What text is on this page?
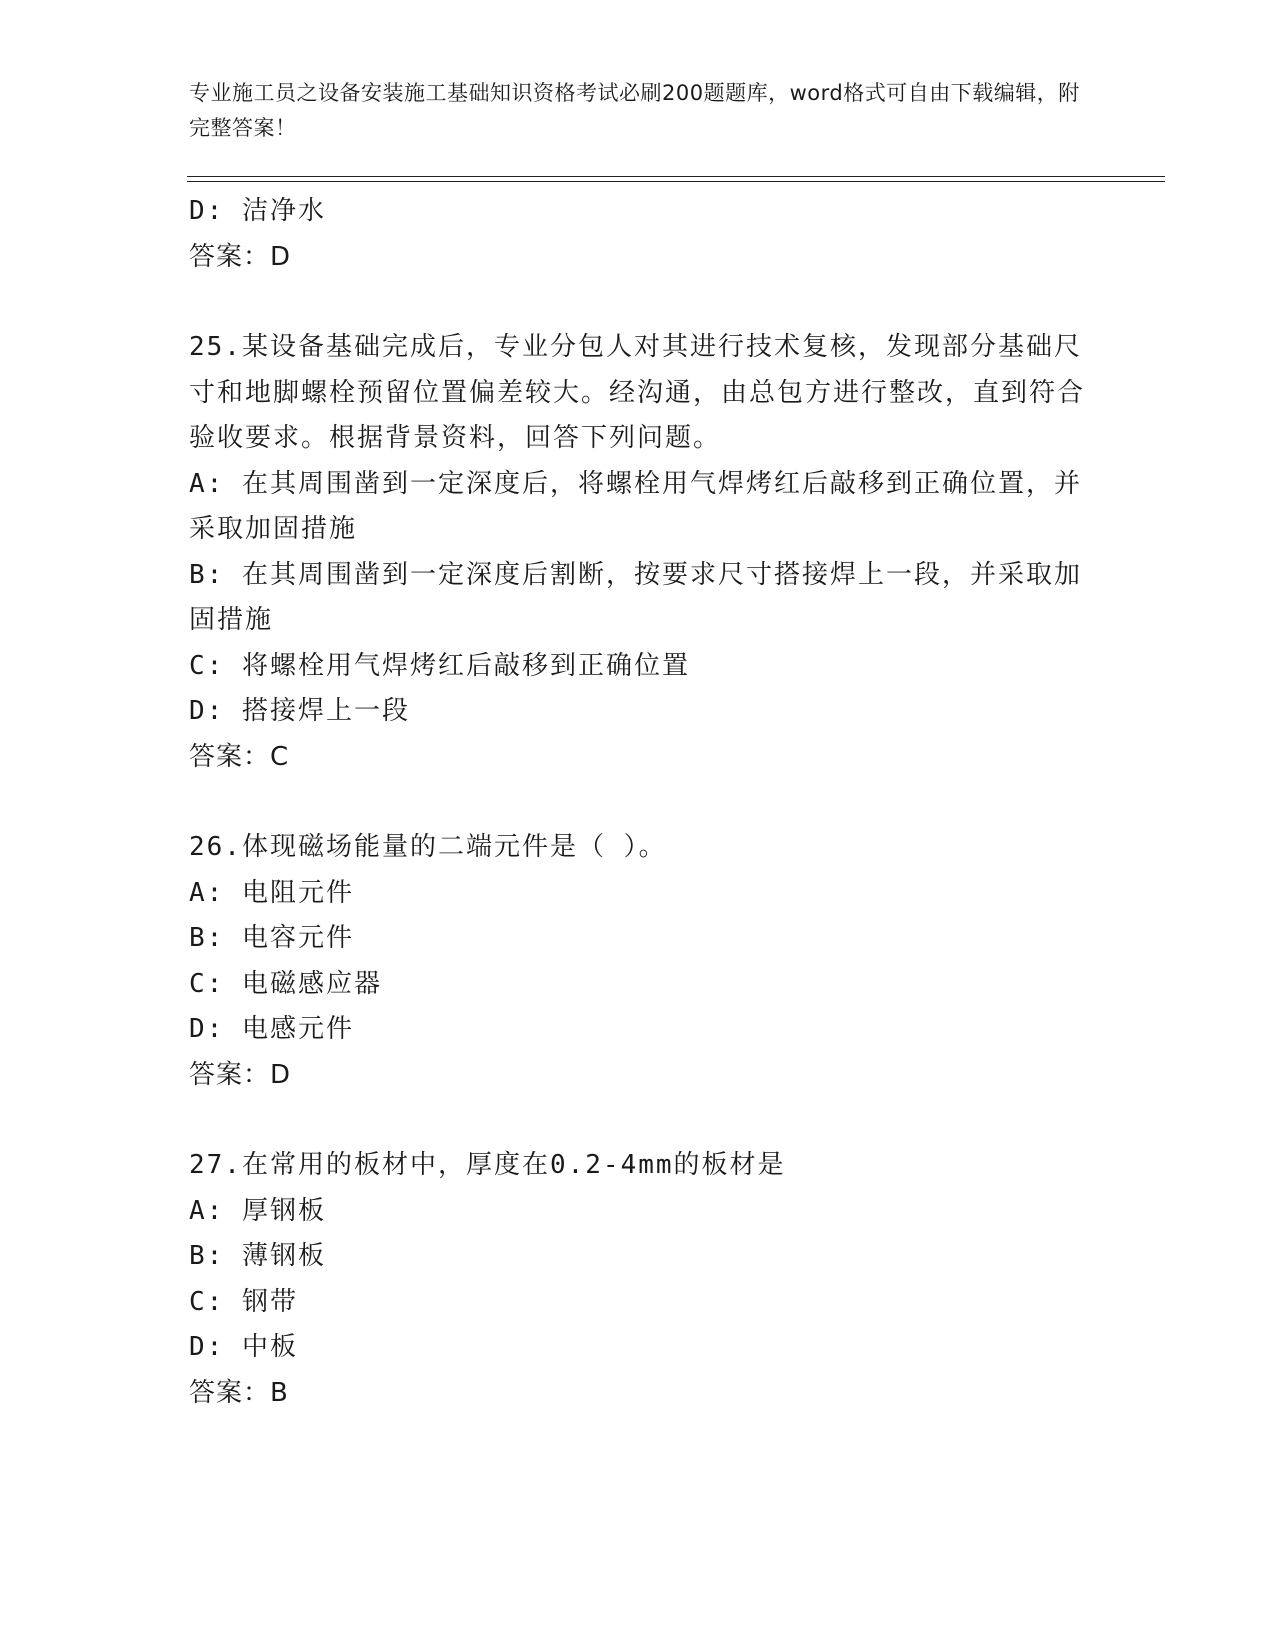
专业施工员之设备安装施工基础知识资格考试必刷200题题库，word格式可自由下载编辑，附完整答案！
D: 洁净水
答案：D
25.某设备基础完成后，专业分包人对其进行技术复核，发现部分基础尺寸和地脚螺栓预留位置偏差较大。经沟通，由总包方进行整改，直到符合验收要求。根据背景资料，回答下列问题。
A: 在其周围凿到一定深度后，将螺栓用气焊烤红后敲移到正确位置，并采取加固措施
B: 在其周围凿到一定深度后割断，按要求尺寸搭接焊上一段，并采取加固措施
C: 将螺栓用气焊烤红后敲移到正确位置
D: 搭接焊上一段
答案：C
26.体现磁场能量的二端元件是（ ）。
A: 电阻元件
B: 电容元件
C: 电磁感应器
D: 电感元件
答案：D
27.在常用的板材中，厚度在0.2-4mm的板材是
A: 厚钢板
B: 薄钢板
C: 钢带
D: 中板
答案：B
